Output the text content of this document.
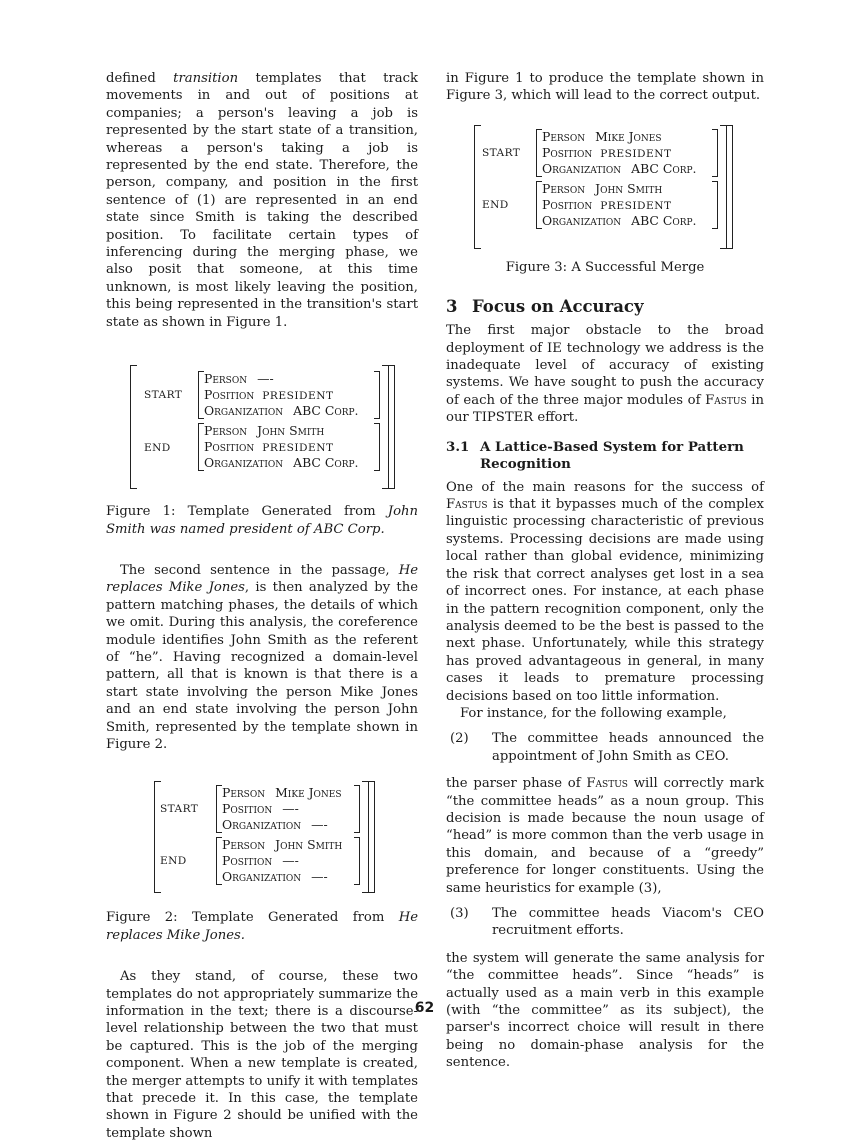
defined transition templates that track movements in and out of positions at companies; a person's leaving a job is represented by the start state of a transition, whereas a person's taking a job is represented by the end state. Therefore, the person, company, and position in the first sentence of (1) are represented in an end state since Smith is taking the described position. To facilitate certain types of inferencing during the merging phase, we also posit that someone, at this time unknown, is most likely leaving the position, this being represented in the transition's start state as shown in Figure 1.

START
Person —-
Position PRESIDENT
Organization ABC Corp.
END
Person John Smith
Position PRESIDENT
Organization ABC Corp.

Figure 1: Template Generated from John Smith was named president of ABC Corp.

The second sentence in the passage, He replaces Mike Jones, is then analyzed by the pattern matching phases, the details of which we omit. During this analysis, the coreference module identifies John Smith as the referent of “he”. Having recognized a domain-level pattern, all that is known is that there is a start state involving the person Mike Jones and an end state involving the person John Smith, represented by the template shown in Figure 2.

START
Person Mike Jones
Position —-
Organization —-
END
Person John Smith
Position —-
Organization —-

Figure 2: Template Generated from He replaces Mike Jones.

As they stand, of course, these two templates do not appropriately summarize the information in the text; there is a discourse-level relationship between the two that must be captured. This is the job of the merging component. When a new template is created, the merger attempts to unify it with templates that precede it. In this case, the template shown in Figure 2 should be unified with the template shown

in Figure 1 to produce the template shown in Figure 3, which will lead to the correct output.

START
Person Mike Jones
Position PRESIDENT
Organization ABC Corp.
END
Person John Smith
Position PRESIDENT
Organization ABC Corp.

Figure 3: A Successful Merge

3 Focus on Accuracy

The first major obstacle to the broad deployment of IE technology we address is the inadequate level of accuracy of existing systems. We have sought to push the accuracy of each of the three major modules of Fastus in our TIPSTER effort.

3.1 A Lattice-Based System for Pattern Recognition

One of the main reasons for the success of Fastus is that it bypasses much of the complex linguistic processing characteristic of previous systems. Processing decisions are made using local rather than global evidence, minimizing the risk that correct analyses get lost in a sea of incorrect ones. For instance, at each phase in the pattern recognition component, only the analysis deemed to be the best is passed to the next phase. Unfortunately, while this strategy has proved advantageous in general, in many cases it leads to premature processing decisions based on too little information.

For instance, for the following example,

(2) The committee heads announced the appointment of John Smith as CEO.

the parser phase of Fastus will correctly mark “the committee heads” as a noun group. This decision is made because the noun usage of “head” is more common than the verb usage in this domain, and because of a “greedy” preference for longer constituents. Using the same heuristics for example (3),

(3) The committee heads Viacom's CEO recruitment efforts.

the system will generate the same analysis for “the committee heads”. Since “heads” is actually used as a main verb in this example (with “the committee” as its subject), the parser's incorrect choice will result in there being no domain-phase analysis for the sentence.

62
